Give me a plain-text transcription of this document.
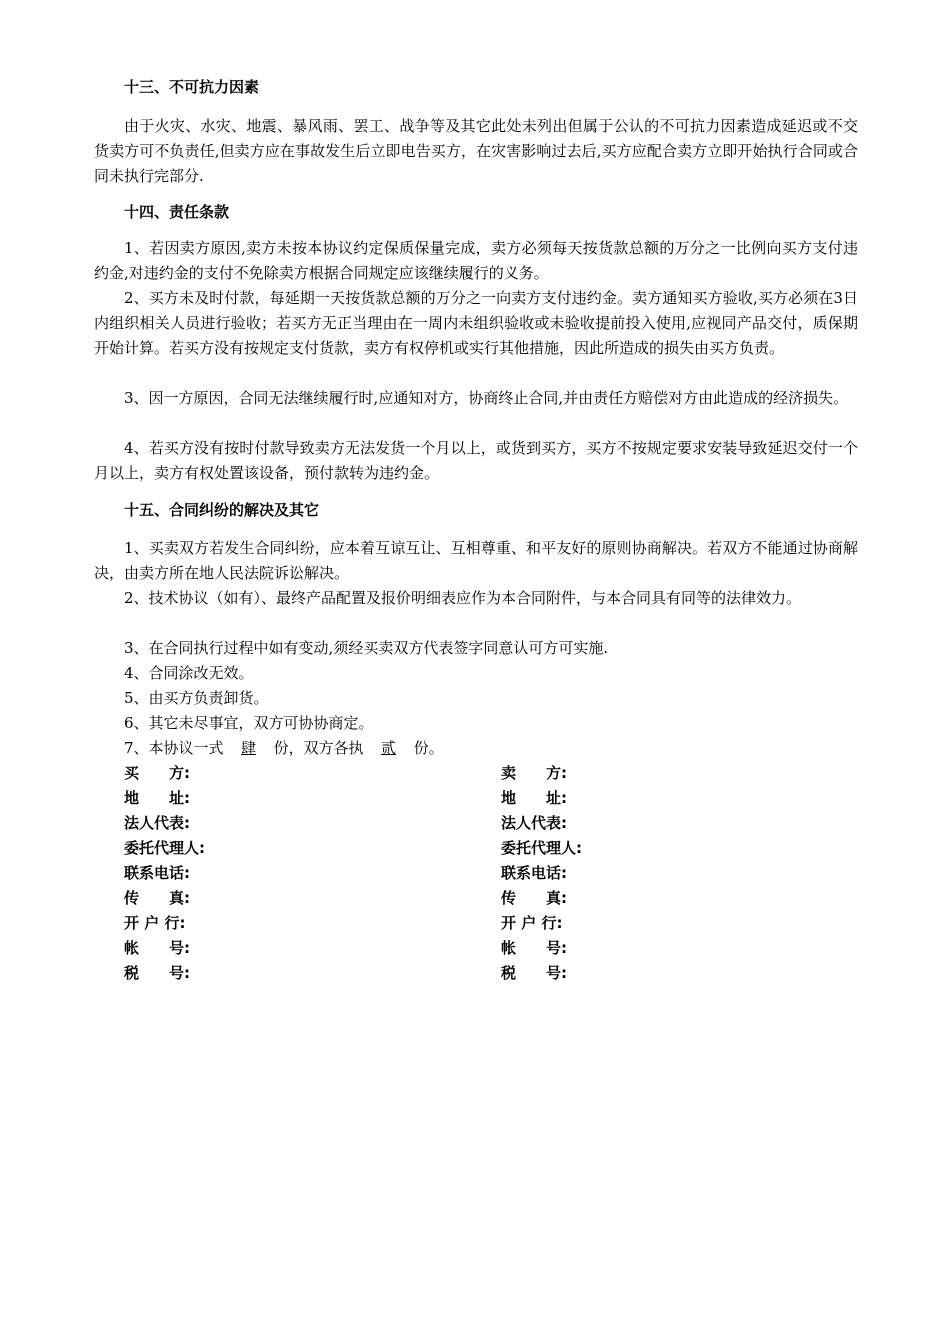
十三、不可抗力因素

由于火灾、水灾、地震、暴风雨、罢工、战争等及其它此处未列出但属于公认的不可抗力因素造成延迟或不交货卖方可不负责任,但卖方应在事故发生后立即电告买方，在灾害影响过去后,买方应配合卖方立即开始执行合同或合同未执行完部分.

十四、责任条款

1、若因卖方原因,卖方未按本协议约定保质保量完成，卖方必须每天按货款总额的万分之一比例向买方支付违约金,对违约金的支付不免除卖方根据合同规定应该继续履行的义务。

2、买方未及时付款，每延期一天按货款总额的万分之一向卖方支付违约金。卖方通知买方验收,买方必须在3日内组织相关人员进行验收；若买方无正当理由在一周内未组织验收或未验收提前投入使用,应视同产品交付，质保期开始计算。若买方没有按规定支付货款，卖方有权停机或实行其他措施，因此所造成的损失由买方负责。

3、因一方原因，合同无法继续履行时,应通知对方，协商终止合同,并由责任方赔偿对方由此造成的经济损失。

4、若买方没有按时付款导致卖方无法发货一个月以上，或货到买方，买方不按规定要求安装导致延迟交付一个月以上，卖方有权处置该设备，预付款转为违约金。

十五、合同纠纷的解决及其它

1、买卖双方若发生合同纠纷，应本着互谅互让、互相尊重、和平友好的原则协商解决。若双方不能通过协商解决，由卖方所在地人民法院诉讼解决。

2、技术协议（如有）、最终产品配置及报价明细表应作为本合同附件，与本合同具有同等的法律效力。

3、在合同执行过程中如有变动,须经买卖双方代表签字同意认可方可实施.

4、合同涂改无效。

5、由买方负责卸货。

6、其它未尽事宜，双方可协协商定。

7、本协议一式 肆 份，双方各执 贰 份。

买　　方:

地　　址:

法人代表:

委托代理人:

联系电话:

传　　真:

开 户 行:

帐　　号:

税　　号:

卖　　方:

地　　址:

法人代表:

委托代理人:

联系电话:

传　　真:

开 户 行:

帐　　号:

税　　号:
